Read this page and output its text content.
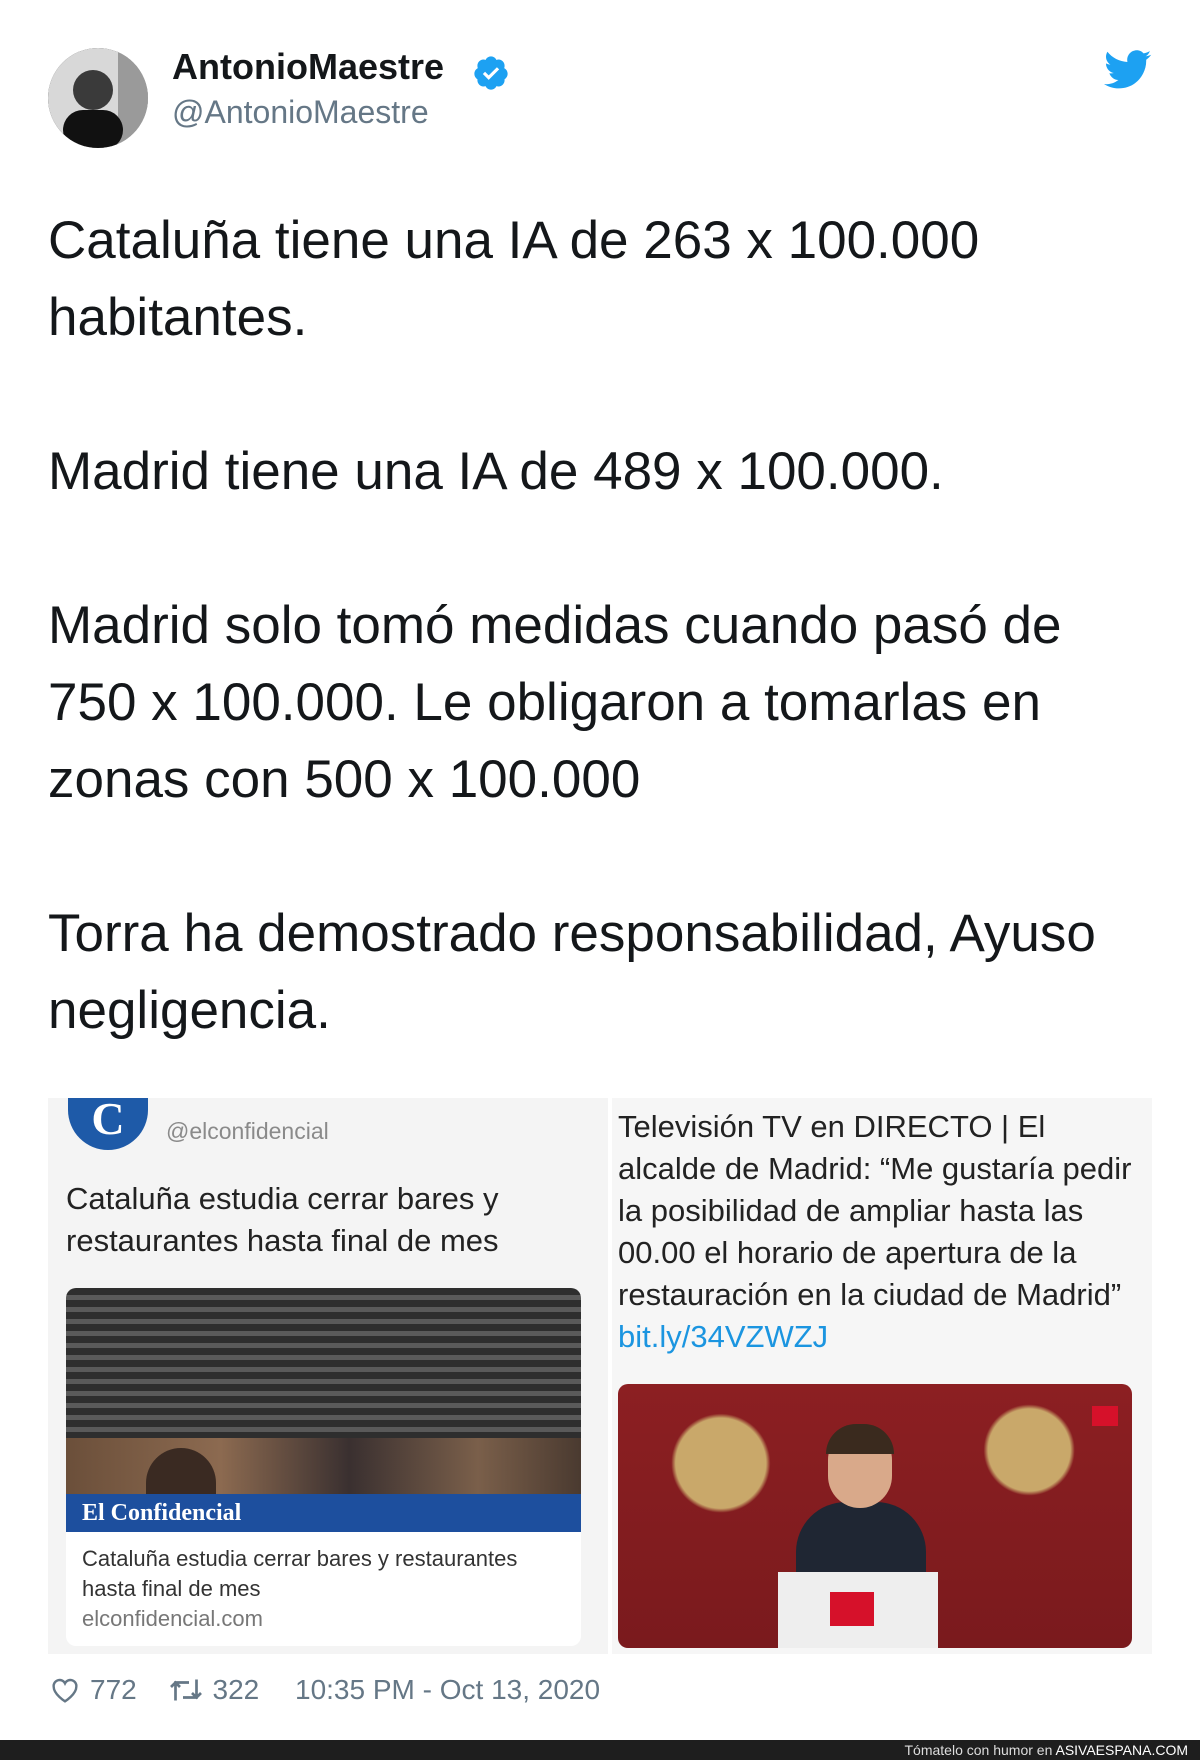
AntonioMaestre
@AntonioMaestre

Cataluña tiene una IA de 263 x 100.000 habitantes.

Madrid tiene una IA de 489 x 100.000.

Madrid solo tomó medidas cuando pasó de 750 x 100.000. Le obligaron a tomarlas en zonas con 500 x 100.000

Torra ha demostrado responsabilidad, Ayuso negligencia.

C
	@elconfidencial
Cataluña estudia cerrar bares y restaurantes hasta final de mes
El Confidencial
Cataluña estudia cerrar bares y restaurantes hasta final de mes
elconfidencial.com
Televisión TV en DIRECTO | El alcalde de Madrid: “Me gustaría pedir la posibilidad de ampliar hasta las 00.00 el horario de apertura de la restauración en la ciudad de Madrid” bit.ly/34VZWZJ
772	322 10:35 PM - Oct 13, 2020
Tómatelo con humor en ASIVAESPANA.COM
